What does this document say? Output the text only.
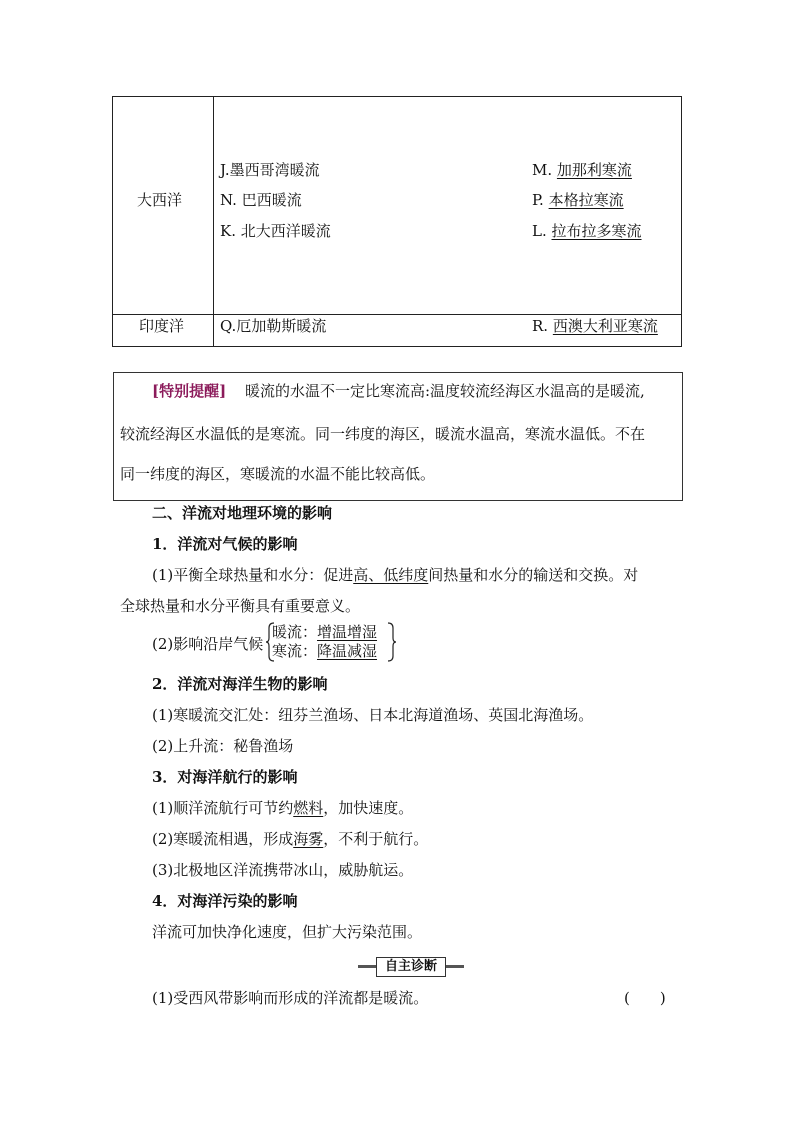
大西洋
J.墨西哥湾暖流	M. 加那利寒流
N. 巴西暖流	P. 本格拉寒流
K. 北大西洋暖流	L. 拉布拉多寒流
印度洋 Q.厄加勒斯暖流	R. 西澳大利亚寒流
[特别提醒] 暖流的水温不一定比寒流高:温度较流经海区水温高的是暖流,
较流经海区水温低的是寒流。同一纬度的海区，暖流水温高，寒流水温低。不在
同一纬度的海区，寒暖流的水温不能比较高低。
二、洋流对地理环境的影响
1．洋流对气候的影响
(1)平衡全球热量和水分：促进高、低纬度间热量和水分的输送和交换。对
全球热量和水分平衡具有重要意义。
(2)影响沿岸气候
暖流：增温增湿
寒流：降温减湿
2．洋流对海洋生物的影响
(1)寒暖流交汇处：纽芬兰渔场、日本北海道渔场、英国北海渔场。
(2)上升流：秘鲁渔场
3．对海洋航行的影响
(1)顺洋流航行可节约燃料，加快速度。
(2)寒暖流相遇，形成海雾，不利于航行。
(3)北极地区洋流携带冰山，威胁航运。
4．对海洋污染的影响
洋流可加快净化速度，但扩大污染范围。
自主诊断
(1)受西风带影响而形成的洋流都是暖流。	(　　)
